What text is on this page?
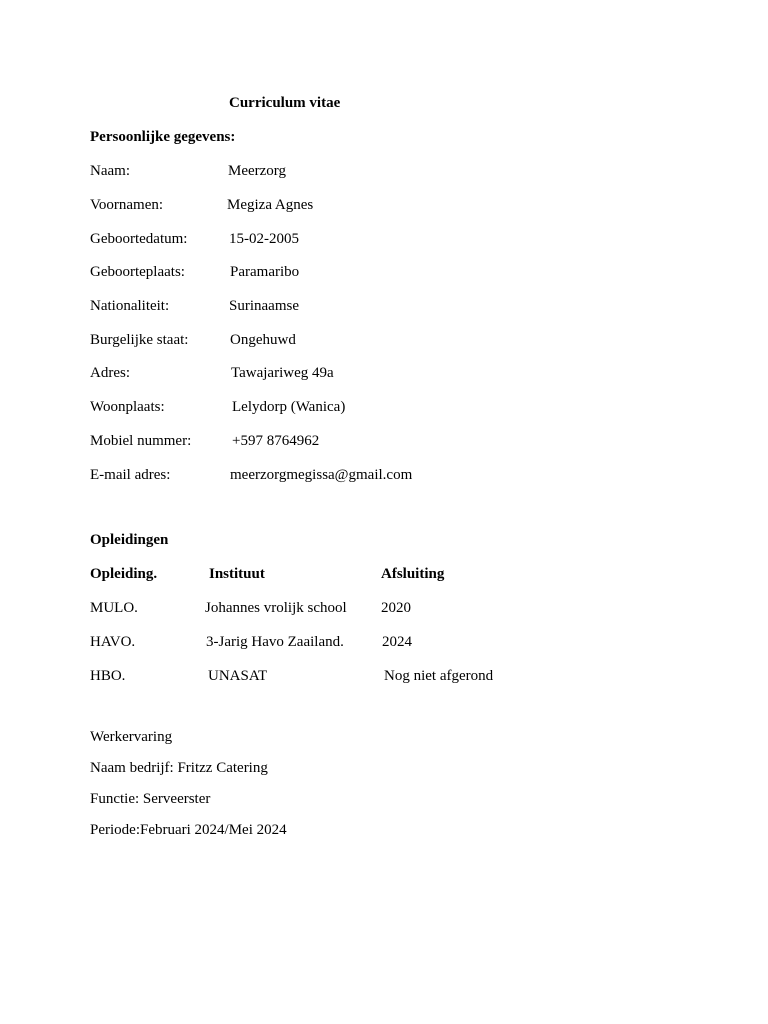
Curriculum vitae
Persoonlijke gegevens:
Naam:	Meerzorg
Voornamen:	Megiza Agnes
Geboortedatum:	15-02-2005
Geboorteplaats:	Paramaribo
Nationaliteit:	Surinaamse
Burgelijke staat:	Ongehuwd
Adres:	Tawajariweg 49a
Woonplaats:	Lelydorp (Wanica)
Mobiel nummer:	+597 8764962
E-mail adres:	meerzorgmegissa@gmail.com
Opleidingen
Opleiding.	Instituut	Afsluiting
MULO.	Johannes vrolijk school 2020
HAVO.	3-Jarig Havo Zaailand.	2024
HBO.	UNASAT	Nog niet afgerond
Werkervaring
Naam bedrijf: Fritzz Catering
Functie: Serveerster
Periode:Februari 2024/Mei 2024
